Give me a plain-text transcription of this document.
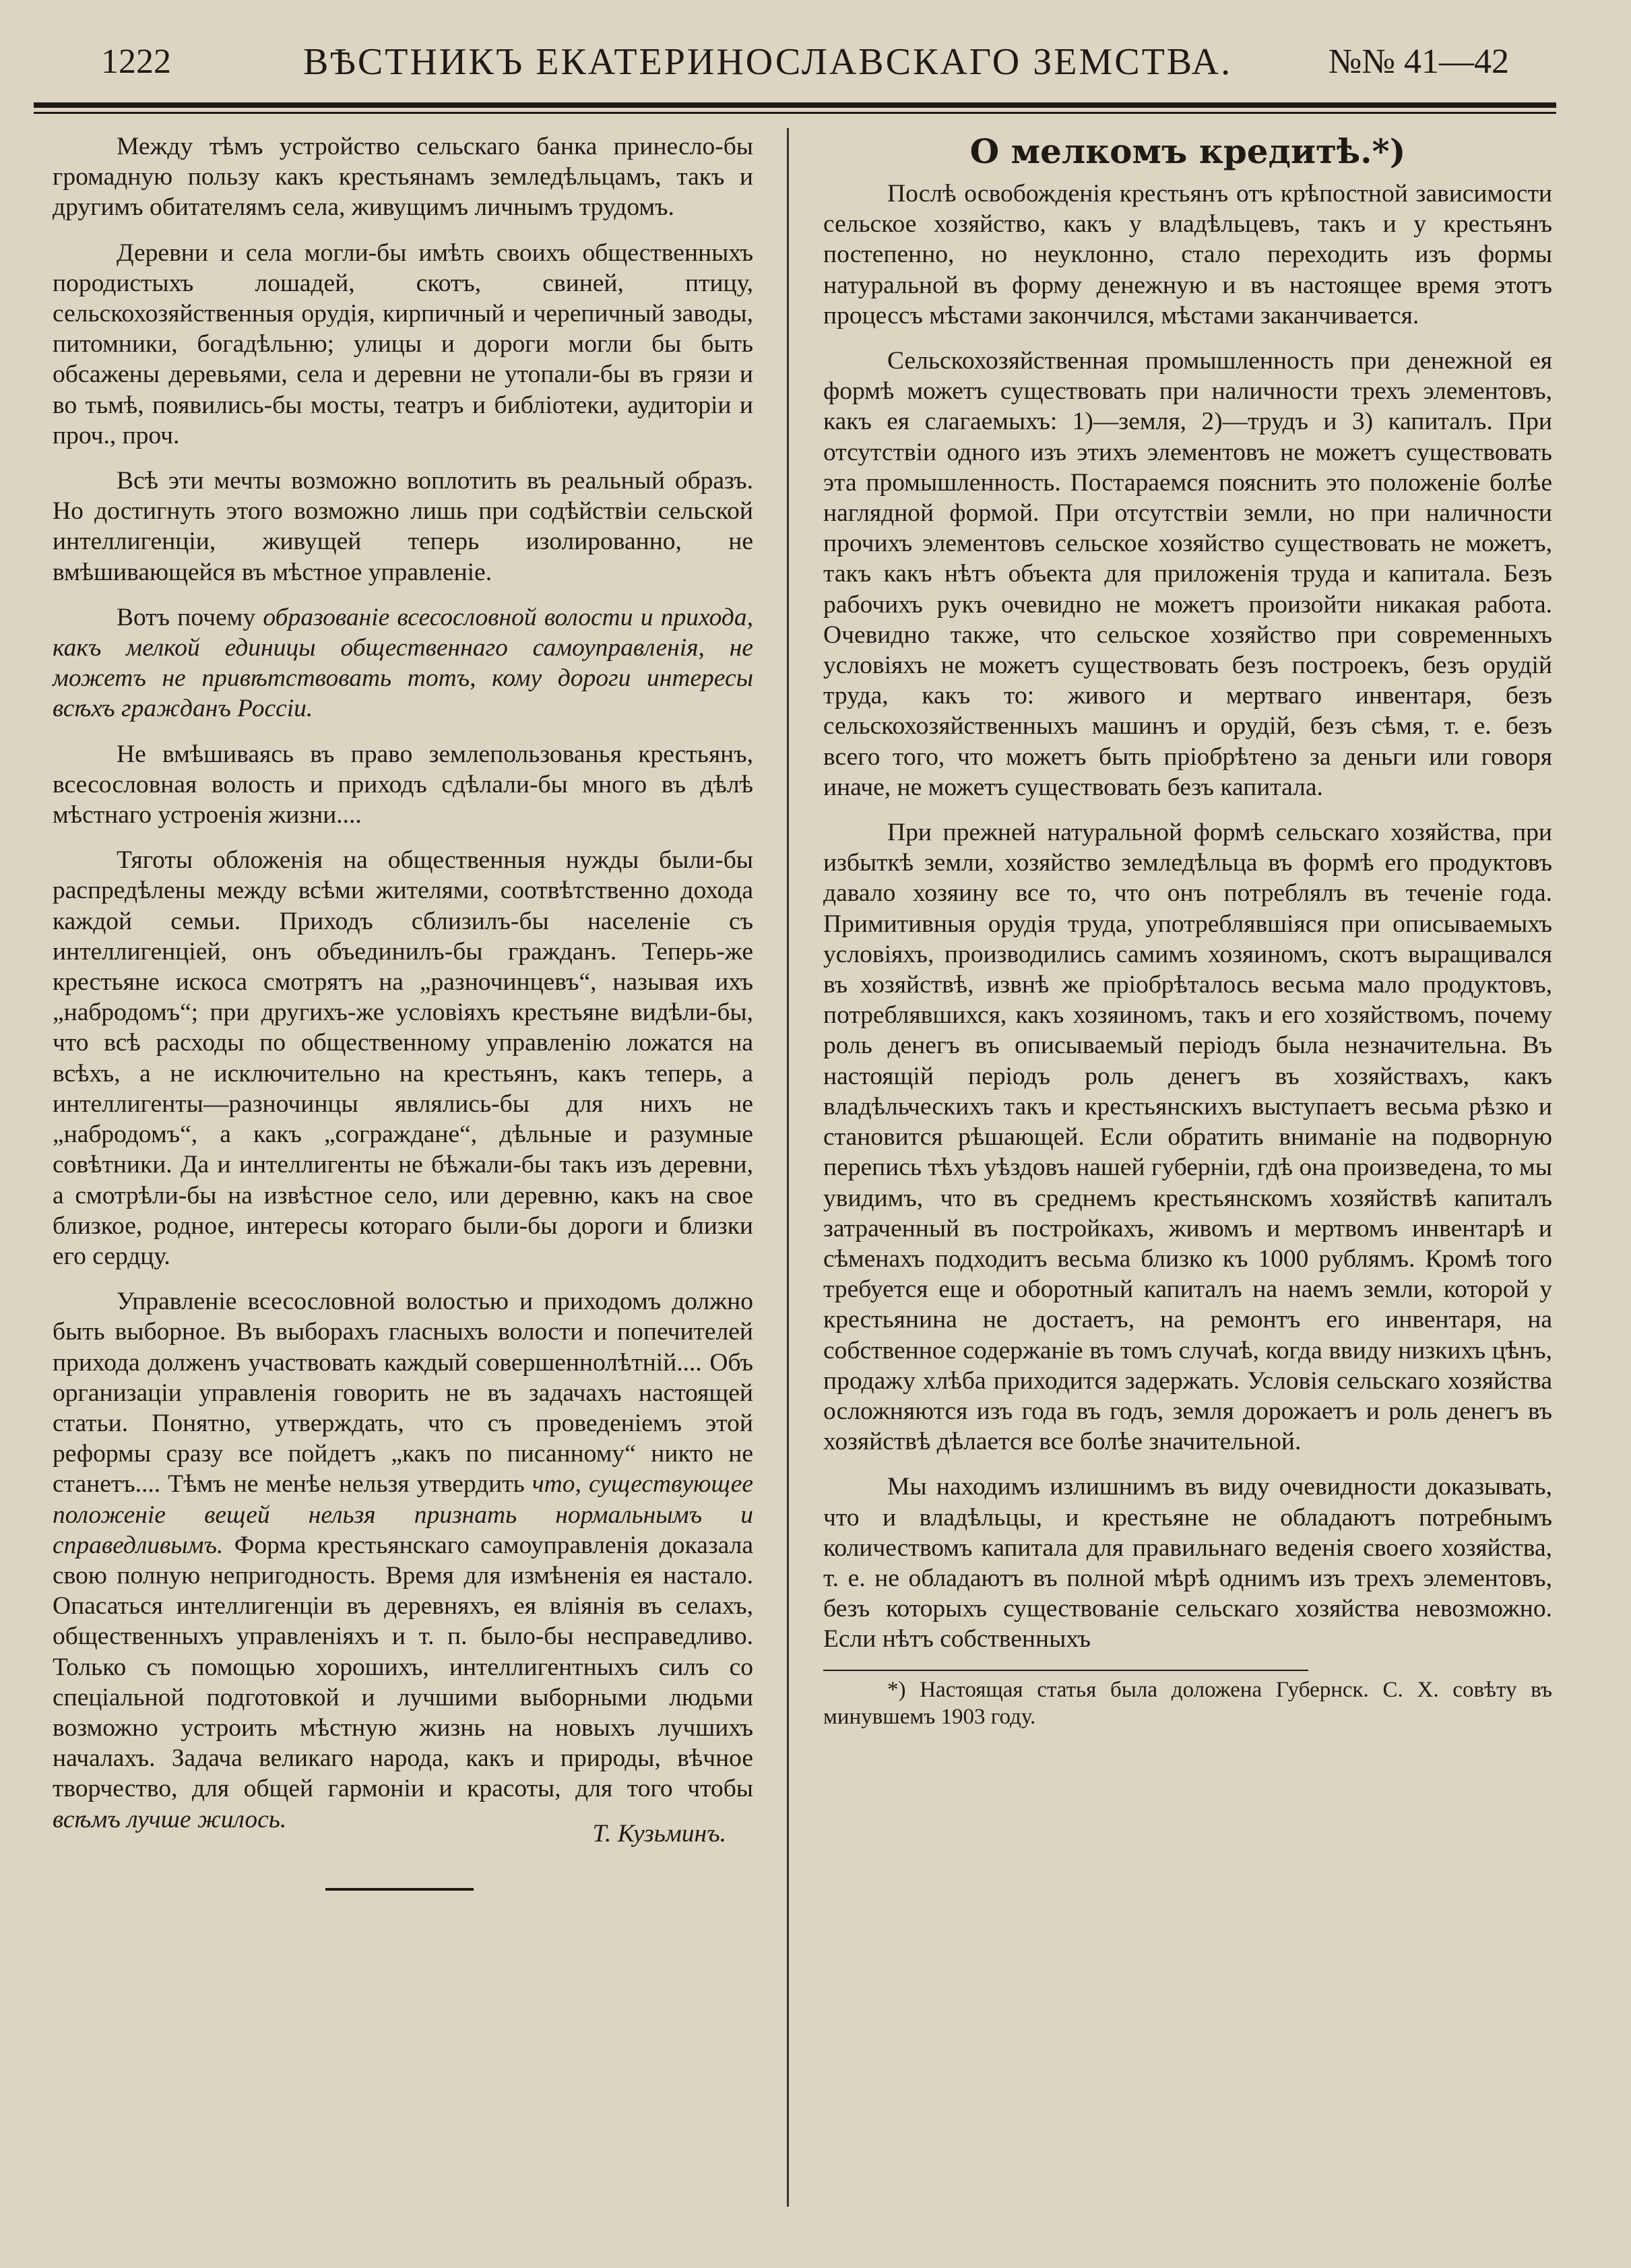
1222	ВѢСТНИКЪ ЕКАТЕРИНОСЛАВСКАГО ЗЕМСТВА.	№№ 41—42

Между тѣмъ устройство сельскаго банка принесло-бы громадную пользу какъ крестьянамъ земледѣльцамъ, такъ и другимъ обитателямъ села, живущимъ личнымъ трудомъ.

Деревни и села могли-бы имѣть своихъ общественныхъ породистыхъ лошадей, скотъ, свиней, птицу, сельскохозяйственныя орудія, кирпичный и черепичный заводы, питомники, богадѣльню; улицы и дороги могли бы быть обсажены деревьями, села и деревни не утопали-бы въ грязи и во тьмѣ, появились-бы мосты, театръ и библіотеки, аудиторіи и проч., проч.

Всѣ эти мечты возможно воплотить въ реальный образъ. Но достигнуть этого возможно лишь при содѣйствіи сельской интеллигенціи, живущей теперь изолированно, не вмѣшивающейся въ мѣстное управленіе.

Вотъ почему образованіе всесословной волости и прихода, какъ мелкой единицы общественнаго самоуправленія, не можетъ не привѣтствовать тотъ, кому дороги интересы всѣхъ гражданъ Россіи.

Не вмѣшиваясь въ право землепользованья крестьянъ, всесословная волость и приходъ сдѣлали-бы много въ дѣлѣ мѣстнаго устроенія жизни....

Тяготы обложенія на общественныя нужды были-бы распредѣлены между всѣми жителями, соотвѣтственно дохода каждой семьи. Приходъ сблизилъ-бы населеніе съ интеллигенціей, онъ объединилъ-бы гражданъ. Теперь-же крестьяне искоса смотрятъ на „разночинцевъ“, называя ихъ „набродомъ“; при другихъ-же условіяхъ крестьяне видѣли-бы, что всѣ расходы по общественному управленію ложатся на всѣхъ, а не исключительно на крестьянъ, какъ теперь, а интеллигенты—разночинцы являлись-бы для нихъ не „набродомъ“, а какъ „сограждане“, дѣльные и разумные совѣтники. Да и интеллигенты не бѣжали-бы такъ изъ деревни, а смотрѣли-бы на извѣстное село, или деревню, какъ на свое близкое, родное, интересы котораго были-бы дороги и близки его сердцу.

Управленіе всесословной волостью и приходомъ должно быть выборное. Въ выборахъ гласныхъ волости и попечителей прихода долженъ участвовать каждый совершеннолѣтній.... Объ организаціи управленія говорить не въ задачахъ настоящей статьи. Понятно, утверждать, что съ проведеніемъ этой реформы сразу все пойдетъ „какъ по писанному“ никто не станетъ.... Тѣмъ не менѣе нельзя утвердить что, существующее положеніе вещей нельзя признать нормальнымъ и справедливымъ. Форма крестьянскаго самоуправленія доказала свою полную непригодность. Время для измѣненія ея настало. Опасаться интеллигенціи въ деревняхъ, ея вліянія въ селахъ, общественныхъ управленіяхъ и т. п. было-бы несправедливо. Только съ помощью хорошихъ, интеллигентныхъ силъ со спеціальной подготовкой и лучшими выборными людьми возможно устроить мѣстную жизнь на новыхъ лучшихъ началахъ. Задача великаго народа, какъ и природы, вѣчное творчество, для общей гармоніи и красоты, для того чтобы всѣмъ лучше жилось.

Т. Кузьминъ.
О мелкомъ кредитѣ.*)

Послѣ освобожденія крестьянъ отъ крѣпостной зависимости сельское хозяйство, какъ у владѣльцевъ, такъ и у крестьянъ постепенно, но неуклонно, стало переходить изъ формы натуральной въ форму денежную и въ настоящее время этотъ процессъ мѣстами закончился, мѣстами заканчивается.

Сельскохозяйственная промышленность при денежной ея формѣ можетъ существовать при наличности трехъ элементовъ, какъ ея слагаемыхъ: 1)—земля, 2)—трудъ и 3) капиталъ. При отсутствіи одного изъ этихъ элементовъ не можетъ существовать эта промышленность. Постараемся пояснить это положеніе болѣе наглядной формой. При отсутствіи земли, но при наличности прочихъ элементовъ сельское хозяйство существовать не можетъ, такъ какъ нѣтъ объекта для приложенія труда и капитала. Безъ рабочихъ рукъ очевидно не можетъ произойти никакая работа. Очевидно также, что сельское хозяйство при современныхъ условіяхъ не можетъ существовать безъ построекъ, безъ орудій труда, какъ то: живого и мертваго инвентаря, безъ сельскохозяйственныхъ машинъ и орудій, безъ сѣмя, т. е. безъ всего того, что можетъ быть пріобрѣтено за деньги или говоря иначе, не можетъ существовать безъ капитала.

При прежней натуральной формѣ сельскаго хозяйства, при избыткѣ земли, хозяйство земледѣльца въ формѣ его продуктовъ давало хозяину все то, что онъ потреблялъ въ теченіе года. Примитивныя орудія труда, употреблявшіяся при описываемыхъ условіяхъ, производились самимъ хозяиномъ, скотъ выращивался въ хозяйствѣ, извнѣ же пріобрѣталось весьма мало продуктовъ, потреблявшихся, какъ хозяиномъ, такъ и его хозяйствомъ, почему роль денегъ въ описываемый періодъ была незначительна. Въ настоящій періодъ роль денегъ въ хозяйствахъ, какъ владѣльческихъ такъ и крестьянскихъ выступаетъ весьма рѣзко и становится рѣшающей. Если обратить вниманіе на подворную перепись тѣхъ уѣздовъ нашей губерніи, гдѣ она произведена, то мы увидимъ, что въ среднемъ крестьянскомъ хозяйствѣ капиталъ затраченный въ постройкахъ, живомъ и мертвомъ инвентарѣ и сѣменахъ подходитъ весьма близко къ 1000 рублямъ. Кромѣ того требуется еще и оборотный капиталъ на наемъ земли, которой у крестьянина не достаетъ, на ремонтъ его инвентаря, на собственное содержаніе въ томъ случаѣ, когда ввиду низкихъ цѣнъ, продажу хлѣба приходится задержать. Условія сельскаго хозяйства осложняются изъ года въ годъ, земля дорожаетъ и роль денегъ въ хозяйствѣ дѣлается все болѣе значительной.

Мы находимъ излишнимъ въ виду очевидности доказывать, что и владѣльцы, и крестьяне не обладаютъ потребнымъ количествомъ капитала для правильнаго веденія своего хозяйства, т. е. не обладаютъ въ полной мѣрѣ однимъ изъ трехъ элементовъ, безъ которыхъ существованіе сельскаго хозяйства невозможно. Если нѣтъ собственныхъ

*) Настоящая статья была доложена Губернск. С. Х. совѣту въ минувшемъ 1903 году.
